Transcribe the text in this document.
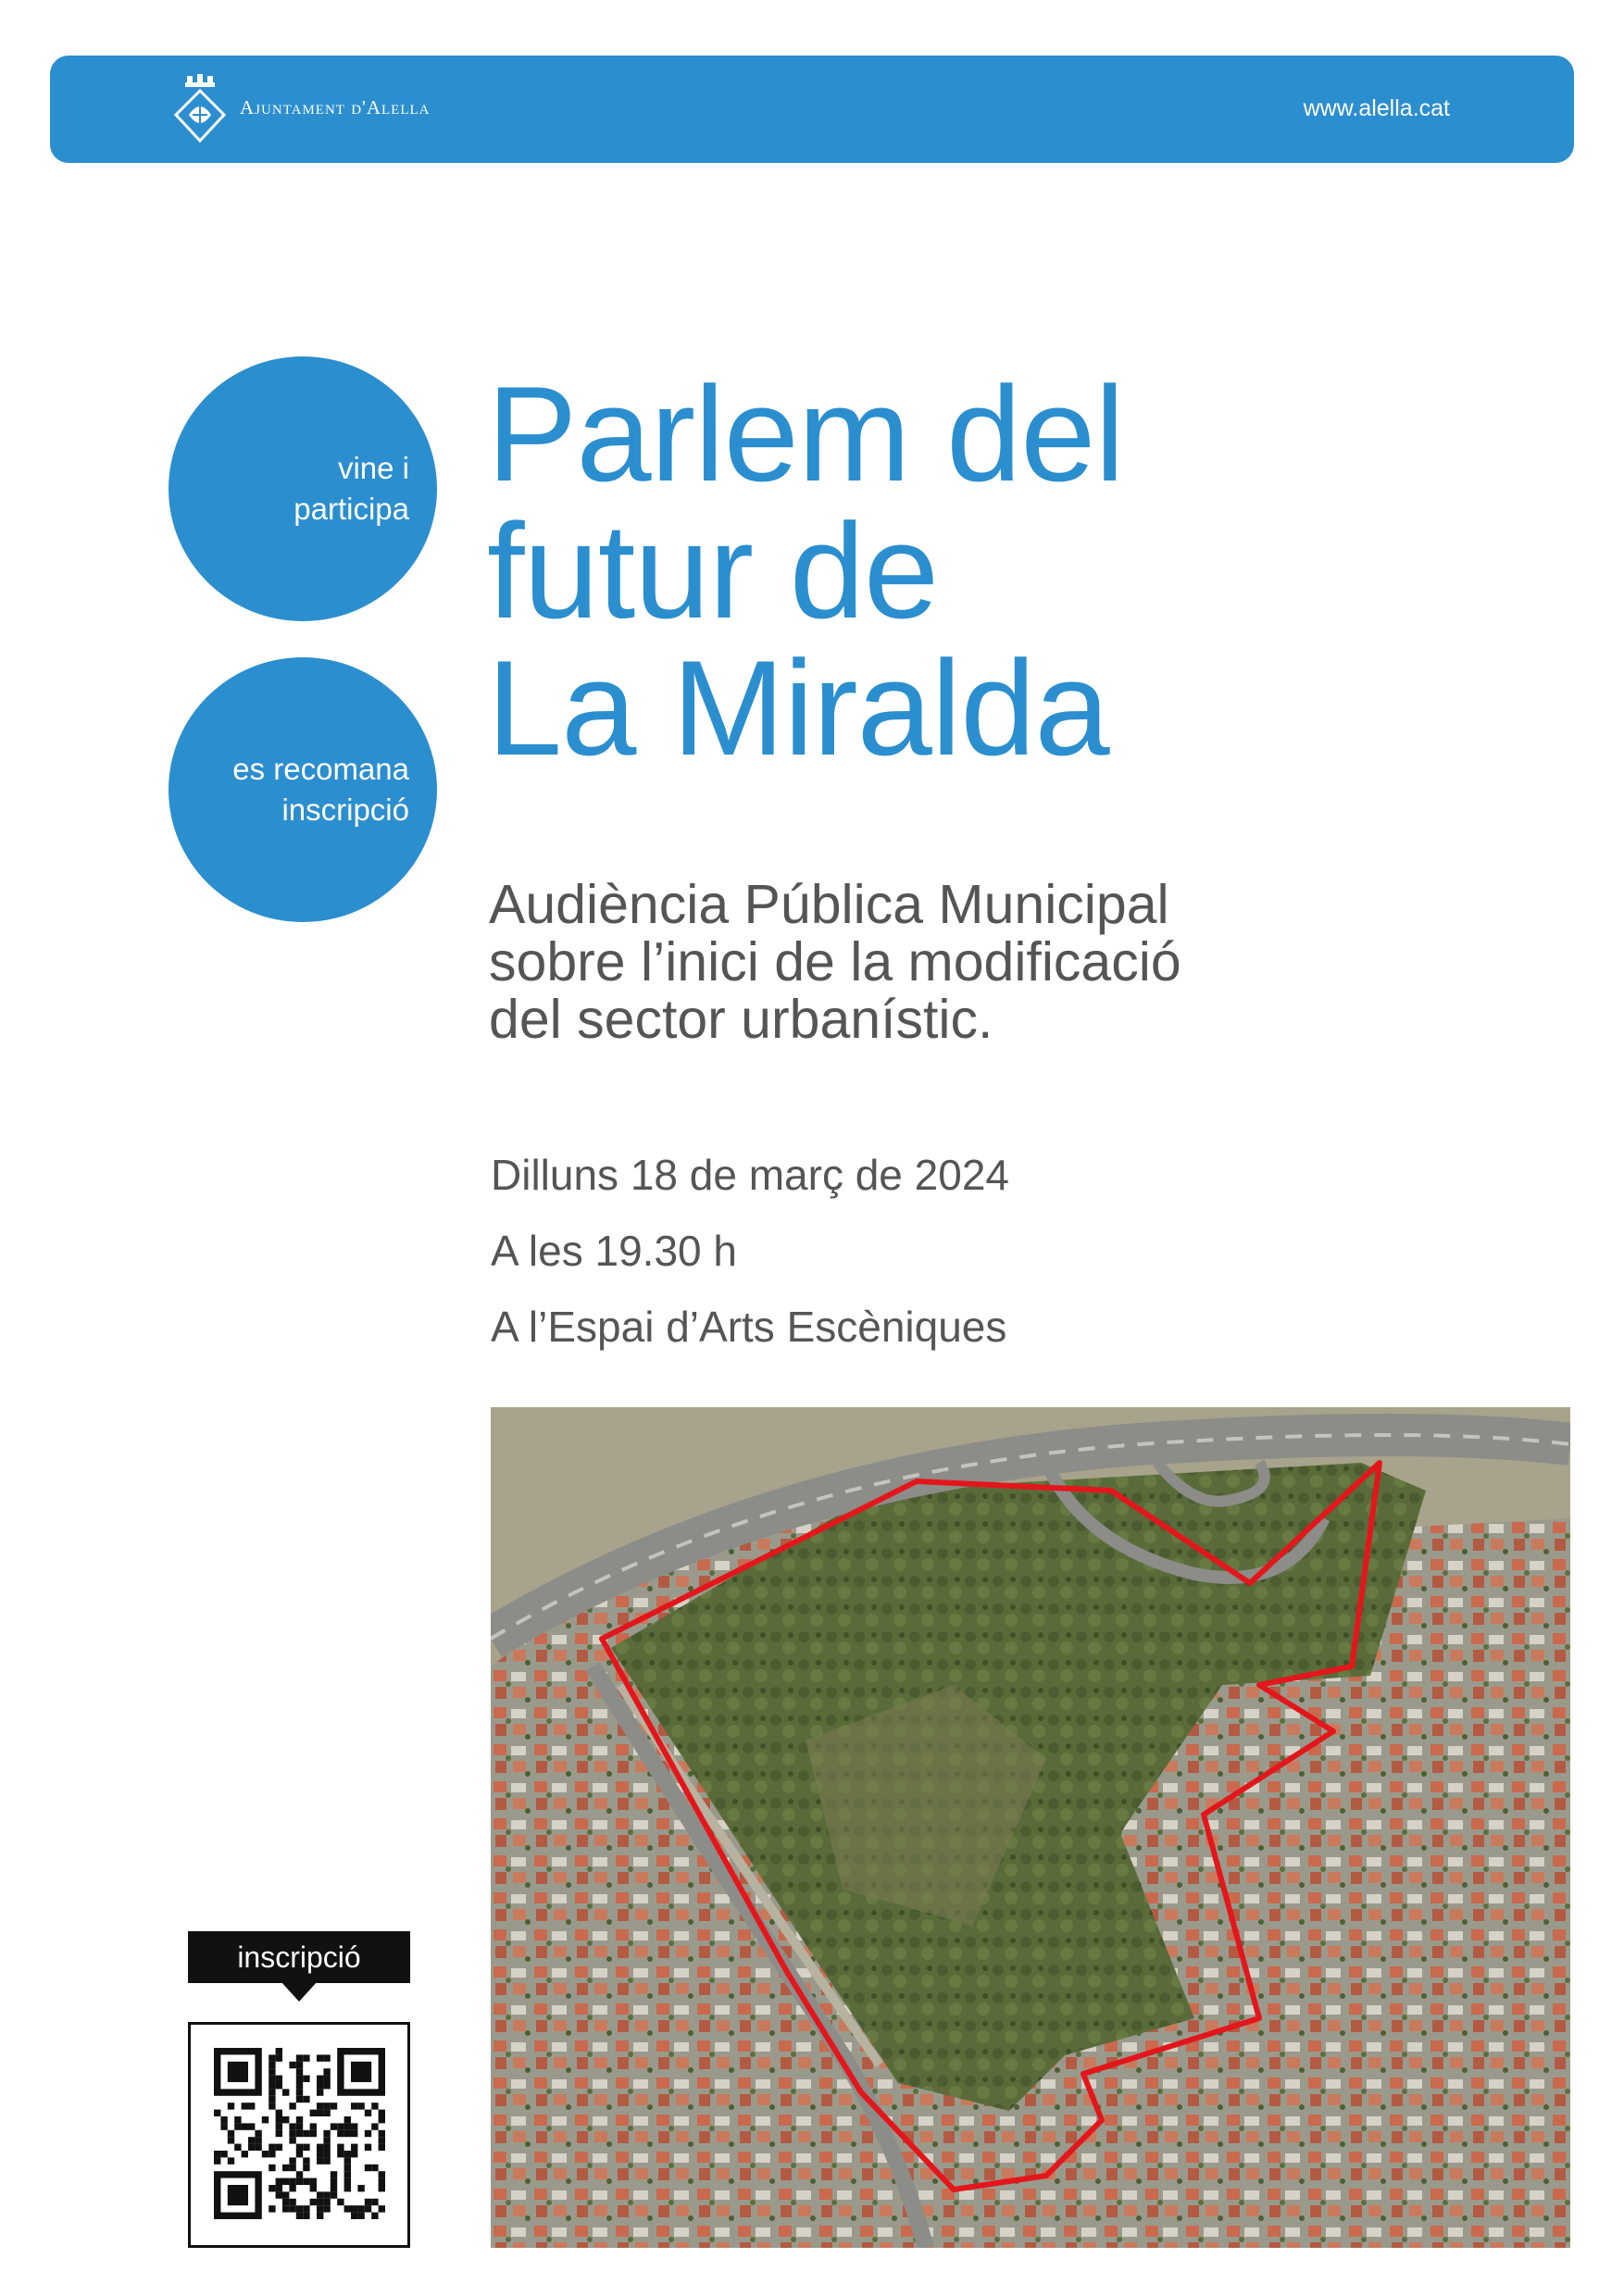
Ajuntament d'Alella	www.alella.cat
vine i
participa
es recomana
inscripció
Parlem del
futur de
La Miralda
Audiència Pública Municipal
sobre l’inici de la modificació
del sector urbanístic.
Dilluns 18 de març de 2024
A les 19.30 h
A l’Espai d’Arts Escèniques
inscripció
